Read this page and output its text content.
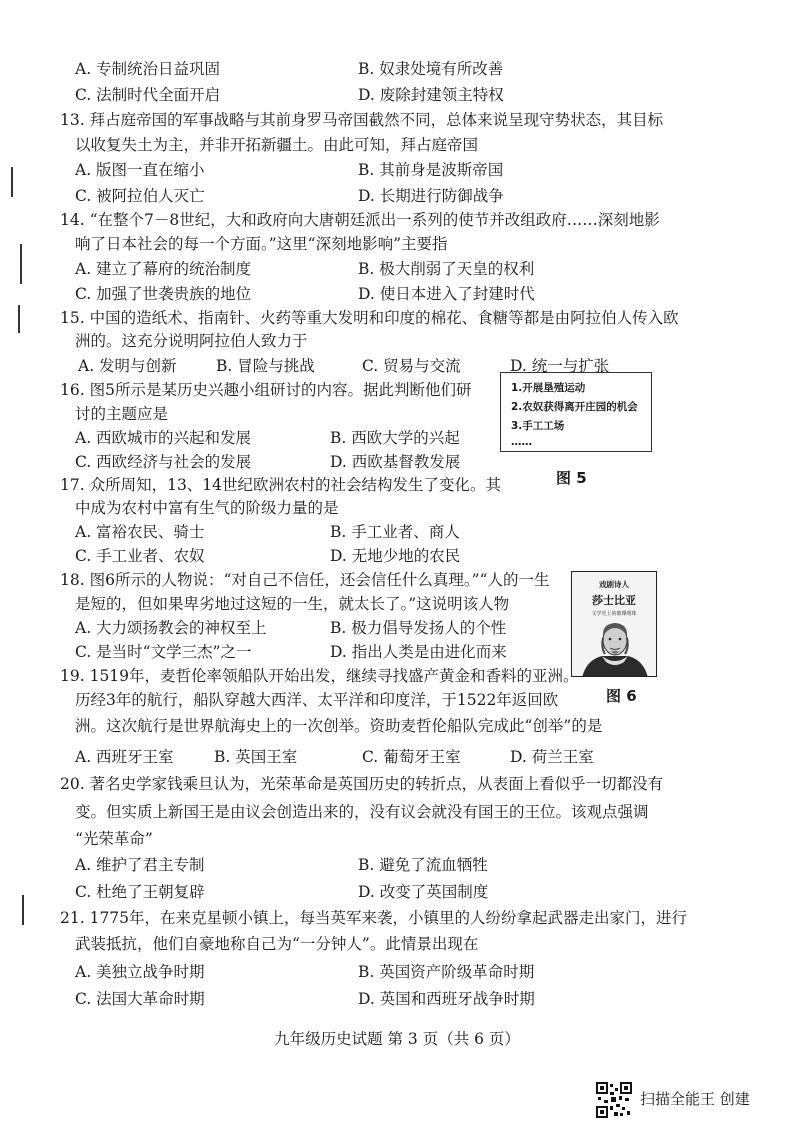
A. 专制统治日益巩固	B. 奴隶处境有所改善
C. 法制时代全面开启	D. 废除封建领主特权
13. 拜占庭帝国的军事战略与其前身罗马帝国截然不同，总体来说呈现守势状态，其目标
以收复失土为主，并非开拓新疆土。由此可知，拜占庭帝国
A. 版图一直在缩小	B. 其前身是波斯帝国
C. 被阿拉伯人灭亡	D. 长期进行防御战争
14. “在整个7－8世纪，大和政府向大唐朝廷派出一系列的使节并改组政府……深刻地影
响了日本社会的每一个方面。”这里“深刻地影响”主要指
A. 建立了幕府的统治制度	B. 极大削弱了天皇的权利
C. 加强了世袭贵族的地位	D. 使日本进入了封建时代
15. 中国的造纸术、指南针、火药等重大发明和印度的棉花、食糖等都是由阿拉伯人传入欧
洲的。这充分说明阿拉伯人致力于
A. 发明与创新	B. 冒险与挑战	C. 贸易与交流	D. 统一与扩张
16. 图5所示是某历史兴趣小组研讨的内容。据此判断他们研
讨的主题应是
A. 西欧城市的兴起和发展	B. 西欧大学的兴起
C. 西欧经济与社会的发展	D. 西欧基督教发展
1.开展垦殖运动
2.农奴获得离开庄园的机会
3.手工工场
……
图 5
17. 众所周知，13、14世纪欧洲农村的社会结构发生了变化。其
中成为农村中富有生气的阶级力量的是
A. 富裕农民、骑士	B. 手工业者、商人
C. 手工业者、农奴	D. 无地少地的农民
18. 图6所示的人物说：“对自己不信任，还会信任什么真理。”“人的一生
是短的，但如果卑劣地过这短的一生，就太长了。”这说明该人物
A. 大力颂扬教会的神权至上	B. 极力倡导发扬人的个性
C. 是当时“文学三杰”之一	D. 指出人类是由进化而来
戏剧诗人
莎士比亚
文学史上的璀璨明珠
图 6
19. 1519年，麦哲伦率领船队开始出发，继续寻找盛产黄金和香料的亚洲。
历经3年的航行，船队穿越大西洋、太平洋和印度洋，于1522年返回欧
洲。这次航行是世界航海史上的一次创举。资助麦哲伦船队完成此“创举”的是
A. 西班牙王室	B. 英国王室	C. 葡萄牙王室	D. 荷兰王室
20. 著名史学家钱乘旦认为，光荣革命是英国历史的转折点，从表面上看似乎一切都没有
变。但实质上新国王是由议会创造出来的，没有议会就没有国王的王位。该观点强调
“光荣革命”
A. 维护了君主专制	B. 避免了流血牺牲
C. 杜绝了王朝复辟	D. 改变了英国制度
21. 1775年，在来克星顿小镇上，每当英军来袭，小镇里的人纷纷拿起武器走出家门，进行
武装抵抗，他们自豪地称自己为“一分钟人”。此情景出现在
A. 美独立战争时期	B. 英国资产阶级革命时期
C. 法国大革命时期	D. 英国和西班牙战争时期
九年级历史试题 第 3 页（共 6 页）
扫描全能王 创建
